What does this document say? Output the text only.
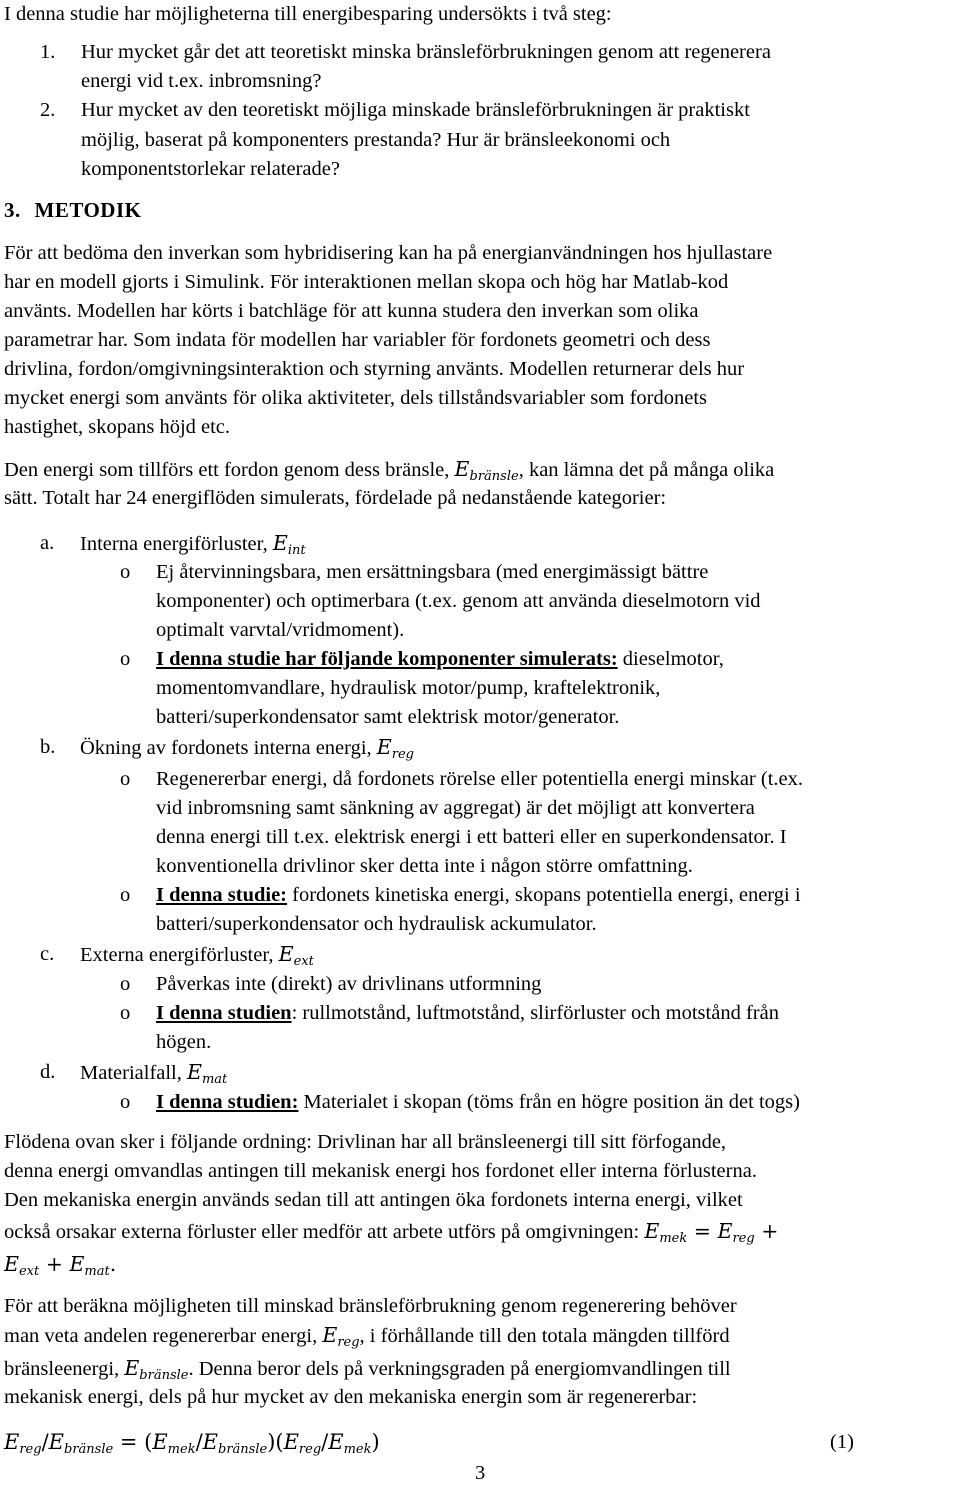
I denna studie har möjligheterna till energibesparing undersökts i två steg:
1. Hur mycket går det att teoretiskt minska bränsleförbrukningen genom att regenerera
energi vid t.ex. inbromsning?
2. Hur mycket av den teoretiskt möjliga minskade bränsleförbrukningen är praktiskt
möjlig, baserat på komponenters prestanda? Hur är bränsleekonomi och
komponentstorlekar relaterade?
3. METODIK
För att bedöma den inverkan som hybridisering kan ha på energianvändningen hos hjullastare
har en modell gjorts i Simulink. För interaktionen mellan skopa och hög har Matlab-kod
använts. Modellen har körts i batchläge för att kunna studera den inverkan som olika
parametrar har. Som indata för modellen har variabler för fordonets geometri och dess
drivlina, fordon/omgivningsinteraktion och styrning använts. Modellen returnerar dels hur
mycket energi som använts för olika aktiviteter, dels tillståndsvariabler som fordonets
hastighet, skopans höjd etc.
Den energi som tillförs ett fordon genom dess bränsle, $E_{bränsle}$, kan lämna det på många olika
sätt. Totalt har 24 energiflöden simulerats, fördelade på nedanstående kategorier:
a. Interna energiförluster, $E_{int}$
o Ej återvinningsbara, men ersättningsbara (med energimässigt bättre
komponenter) och optimerbara (t.ex. genom att använda dieselmotorn vid
optimalt varvtal/vridmoment).
o I denna studie har följande komponenter simulerats: dieselmotor,
momentomvandlare, hydraulisk motor/pump, kraftelektronik,
batteri/superkondensator samt elektrisk motor/generator.
b. Ökning av fordonets interna energi, $E_{reg}$
o Regenererbar energi, då fordonets rörelse eller potentiella energi minskar (t.ex.
vid inbromsning samt sänkning av aggregat) är det möjligt att konvertera
denna energi till t.ex. elektrisk energi i ett batteri eller en superkondensator. I
konventionella drivlinor sker detta inte i någon större omfattning.
o I denna studie: fordonets kinetiska energi, skopans potentiella energi, energi i
batteri/superkondensator och hydraulisk ackumulator.
c. Externa energiförluster, $E_{ext}$
o Påverkas inte (direkt) av drivlinans utformning
o I denna studien: rullmotstånd, luftmotstånd, slirförluster och motstånd från
högen.
d. Materialfall, $E_{mat}$
o I denna studien: Materialet i skopan (töms från en högre position än det togs)
Flödena ovan sker i följande ordning: Drivlinan har all bränsleenergi till sitt förfogande,
denna energi omvandlas antingen till mekanisk energi hos fordonet eller interna förlusterna.
Den mekaniska energin används sedan till att antingen öka fordonets interna energi, vilket
också orsakar externa förluster eller medför att arbete utförs på omgivningen: $E_{mek} = E_{reg}$ +
$E_{ext} + E_{mat}$.
För att beräkna möjligheten till minskad bränsleförbrukning genom regenerering behöver
man veta andelen regenererbar energi, $E_{reg}$, i förhållande till den totala mängden tillförd
bränsleenergi, $E_{bränsle}$. Denna beror dels på verkningsgraden på energiomvandlingen till
mekanisk energi, dels på hur mycket av den mekaniska energin som är regenererbar:
$E_{reg}/E_{bränsle} = (E_{mek}/E_{bränsle})(E_{reg}/E_{mek})$	(1)
3
